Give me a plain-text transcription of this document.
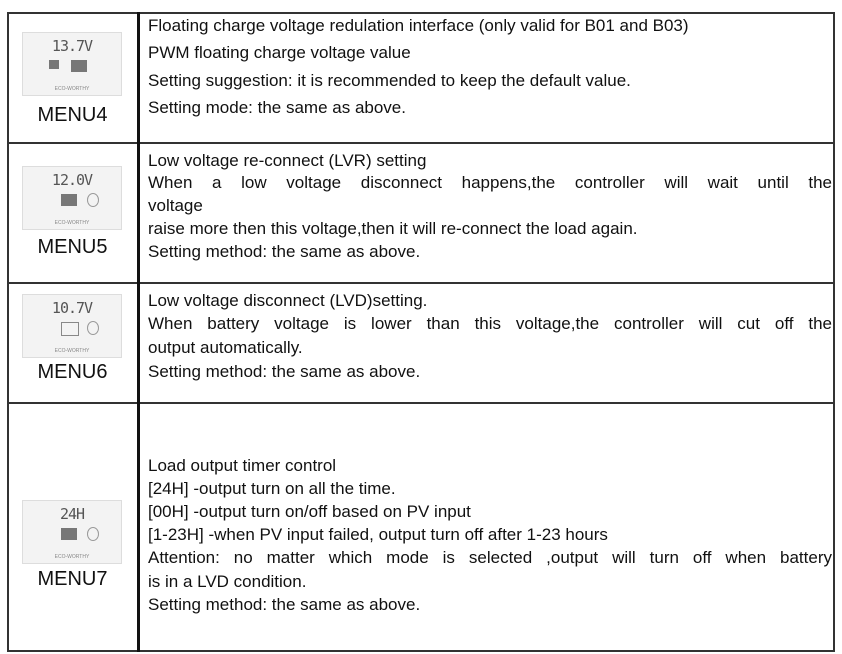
13.7V
ECO-WORTHY
MENU4
Floating charge voltage redulation interface (only valid for B01 and B03)
PWM floating charge voltage value
Setting suggestion: it is recommended to keep the default value.
Setting mode: the same as above.
12.0V
ECO-WORTHY
MENU5
Low voltage re-connect (LVR) setting
When a low voltage disconnect happens,the controller will wait until the
voltage
raise more then this voltage,then it will re-connect the load again.
Setting method: the same as above.
10.7V
ECO-WORTHY
MENU6
Low voltage disconnect (LVD)setting.
When battery voltage is lower than this voltage,the controller will cut off the
output automatically.
Setting method: the same as above.
24H
ECO-WORTHY
MENU7
Load output timer control
[24H] -output turn on all the time.
[00H] -output turn on/off based on PV input
[1-23H] -when PV input failed, output turn off after 1-23 hours
Attention: no matter which mode is selected ,output will turn off when battery
is in a LVD condition.
Setting method: the same as above.
